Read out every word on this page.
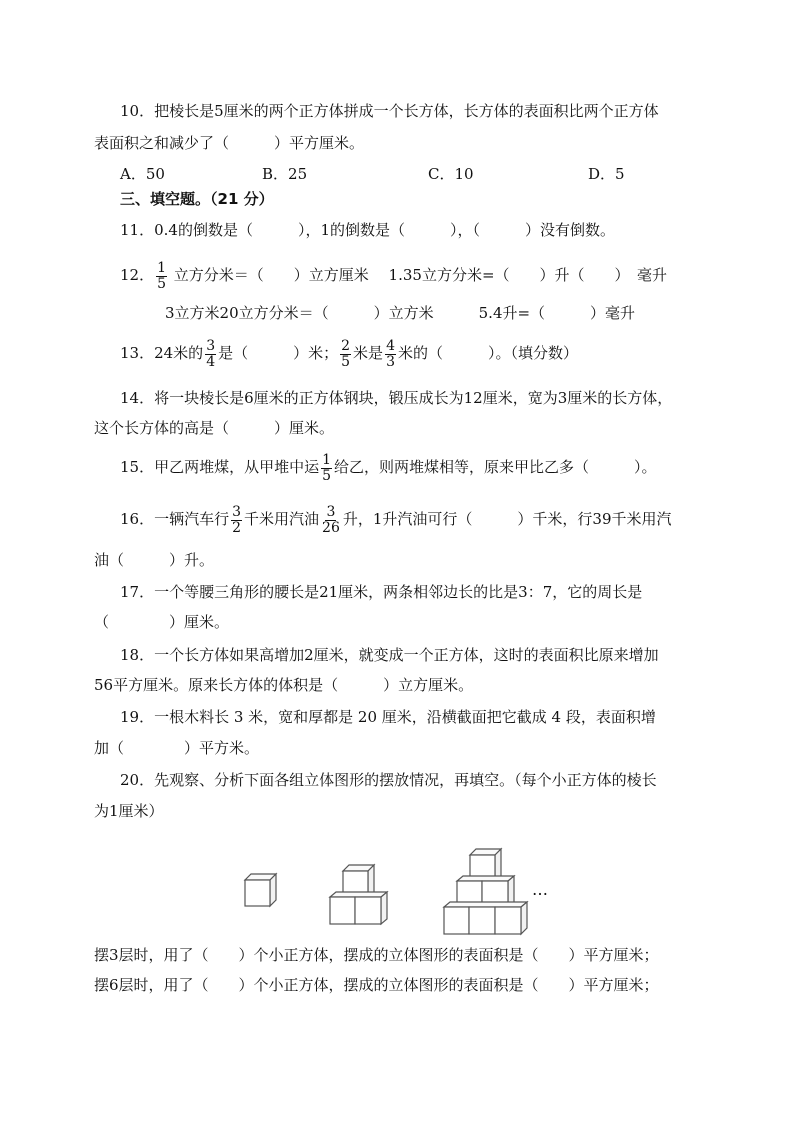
10．把棱长是5厘米的两个正方体拼成一个长方体，长方体的表面积比两个正方体
表面积之和减少了（　　　）平方厘米。
A．50	B．25	C．10	D．5
三、填空题。（21 分）
11．0.4的倒数是（　　　），1的倒数是（　　　），（　　　）没有倒数。
12． $\frac{1}{5}$ 立方分米＝（　　）立方厘米　 1.35立方分米=（　　）升（　　）　毫升
3立方米20立方分米＝（　　　）立方米　　　5.4升=（　　　）毫升
13．24米的 $\frac{3}{4}$ 是（　　　）米； $\frac{2}{5}$ 米是 $\frac{4}{3}$ 米的（　　　）。（填分数）
14．将一块棱长是6厘米的正方体钢块，锻压成长为12厘米，宽为3厘米的长方体，
这个长方体的高是（　　　）厘米。
15．甲乙两堆煤，从甲堆中运 $\frac{1}{5}$ 给乙，则两堆煤相等，原来甲比乙多（　　　）。
16．一辆汽车行 $\frac{3}{2}$ 千米用汽油 $\frac{3}{26}$ 升，1升汽油可行（　　　）千米，行39千米用汽
油（　　　）升。
17．一个等腰三角形的腰长是21厘米，两条相邻边长的比是3：7，它的周长是
（　　　　）厘米。
18．一个长方体如果高增加2厘米，就变成一个正方体，这时的表面积比原来增加
56平方厘米。原来长方体的体积是（　　　）立方厘米。
19．一根木料长 3 米，宽和厚都是 20 厘米，沿横截面把它截成 4 段，表面积增
加（　　　　）平方米。
20．先观察、分析下面各组立体图形的摆放情况，再填空。（每个小正方体的棱长
为1厘米）
…
摆3层时，用了（　　）个小正方体，摆成的立体图形的表面积是（　　）平方厘米；
摆6层时，用了（　　）个小正方体，摆成的立体图形的表面积是（　　）平方厘米；
